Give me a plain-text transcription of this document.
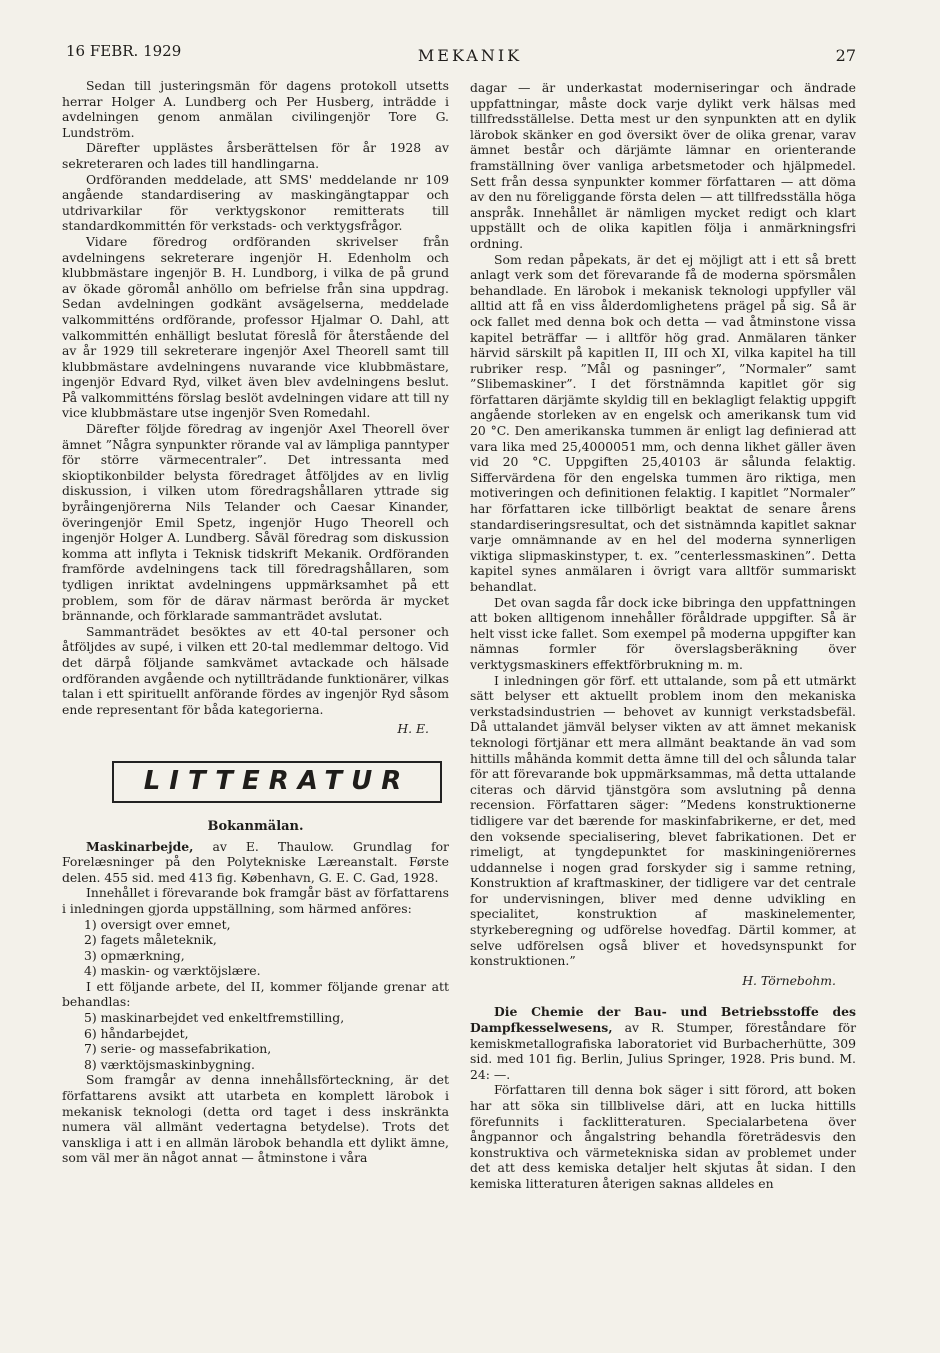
16 FEBR. 1929	MEKANIK	27

Sedan till justeringsmän för dagens protokoll utsetts herrar Holger A. Lundberg och Per Husberg, inträdde i avdelningen genom anmälan civilingenjör Tore G. Lundström.

Därefter upplästes årsberättelsen för år 1928 av sekreteraren och lades till handlingarna.

Ordföranden meddelade, att SMS' meddelande nr 109 angående standardisering av maskingängtappar och utdrivarkilar för verktygskonor remitterats till standardkommittén för verkstads- och verktygsfrågor.

Vidare föredrog ordföranden skrivelser från avdelningens sekreterare ingenjör H. Edenholm och klubbmästare ingenjör B. H. Lundborg, i vilka de på grund av ökade göromål anhöllo om befrielse från sina uppdrag. Sedan avdelningen godkänt avsägelserna, meddelade valkommitténs ordförande, professor Hjalmar O. Dahl, att valkommittén enhälligt beslutat föreslå för återstående del av år 1929 till sekreterare ingenjör Axel Theorell samt till klubbmästare avdelningens nuvarande vice klubbmästare, ingenjör Edvard Ryd, vilket även blev avdelningens beslut. På valkommitténs förslag beslöt avdelningen vidare att till ny vice klubbmästare utse ingenjör Sven Romedahl.

Därefter följde föredrag av ingenjör Axel Theorell över ämnet ”Några synpunkter rörande val av lämpliga panntyper för större värmecentraler”. Det intressanta med skioptikonbilder belysta föredraget åtföljdes av en livlig diskussion, i vilken utom föredragshållaren yttrade sig byråingenjörerna Nils Telander och Caesar Kinander, överingenjör Emil Spetz, ingenjör Hugo Theorell och ingenjör Holger A. Lundberg. Såväl föredrag som diskussion komma att inflyta i Teknisk tidskrift Mekanik. Ordföranden framförde avdelningens tack till föredragshållaren, som tydligen inriktat avdelningens uppmärksamhet på ett problem, som för de därav närmast berörda är mycket brännande, och förklarade sammanträdet avslutat.

Sammanträdet besöktes av ett 40-tal personer och åtföljdes av supé, i vilken ett 20-tal medlemmar deltogo. Vid det därpå följande samkvämet avtackade och hälsade ordföranden avgående och nytillträdande funktionärer, vilkas talan i ett spirituellt anförande fördes av ingenjör Ryd såsom ende representant för båda kategorierna.

H. E.
LITTERATUR
Bokanmälan.

Maskinarbejde, av E. Thaulow. Grundlag for Forelæsninger på den Polytekniske Læreanstalt. Første delen. 455 sid. med 413 fig. København, G. E. C. Gad, 1928.

Innehållet i förevarande bok framgår bäst av författarens i inledningen gjorda uppställning, som härmed anföres:

1) oversigt over emnet,
2) fagets måleteknik,
3) opmærkning,
4) maskin- og værktöjslære.

I ett följande arbete, del II, kommer följande grenar att behandlas:

5) maskinarbejdet ved enkeltfremstilling,
6) håndarbejdet,
7) serie- og massefabrikation,
8) værktöjsmaskinbygning.

Som framgår av denna innehållsförteckning, är det författarens avsikt att utarbeta en komplett lärobok i mekanisk teknologi (detta ord taget i dess inskränkta numera väl allmänt vedertagna betydelse). Trots det vanskliga i att i en allmän lärobok behandla ett dylikt ämne, som väl mer än något annat — åtminstone i våra

dagar — är underkastat moderniseringar och ändrade uppfattningar, måste dock varje dylikt verk hälsas med tillfredsställelse. Detta mest ur den synpunkten att en dylik lärobok skänker en god översikt över de olika grenar, varav ämnet består och därjämte lämnar en orienterande framställning över vanliga arbetsmetoder och hjälpmedel. Sett från dessa synpunkter kommer författaren — att döma av den nu föreliggande första delen — att tillfredsställa höga anspråk. Innehållet är nämligen mycket redigt och klart uppställt och de olika kapitlen följa i anmärkningsfri ordning.

Som redan påpekats, är det ej möjligt att i ett så brett anlagt verk som det förevarande få de moderna spörsmålen behandlade. En lärobok i mekanisk teknologi uppfyller väl alltid att få en viss ålderdomlighetens prägel på sig. Så är ock fallet med denna bok och detta — vad åtminstone vissa kapitel beträffar — i alltför hög grad. Anmälaren tänker härvid särskilt på kapitlen II, III och XI, vilka kapitel ha till rubriker resp. ”Mål og pasninger”, ”Normaler” samt ”Slibemaskiner”. I det förstnämnda kapitlet gör sig författaren därjämte skyldig till en beklagligt felaktig uppgift angående storleken av en engelsk och amerikansk tum vid 20 °C. Den amerikanska tummen är enligt lag definierad att vara lika med 25,4000051 mm, och denna likhet gäller även vid 20 °C. Uppgiften 25,40103 är sålunda felaktig. Siffervärdena för den engelska tummen äro riktiga, men motiveringen och definitionen felaktig. I kapitlet ”Normaler” har författaren icke tillbörligt beaktat de senare årens standardiseringsresultat, och det sistnämnda kapitlet saknar varje omnämnande av en hel del moderna synnerligen viktiga slipmaskinstyper, t. ex. ”centerlessmaskinen”. Detta kapitel synes anmälaren i övrigt vara alltför summariskt behandlat.

Det ovan sagda får dock icke bibringa den uppfattningen att boken alltigenom innehåller föråldrade uppgifter. Så är helt visst icke fallet. Som exempel på moderna uppgifter kan nämnas formler för överslagsberäkning över verktygsmaskiners effektförbrukning m. m.

I inledningen gör förf. ett uttalande, som på ett utmärkt sätt belyser ett aktuellt problem inom den mekaniska verkstadsindustrien — behovet av kunnigt verkstadsbefäl. Då uttalandet jämväl belyser vikten av att ämnet mekanisk teknologi förtjänar ett mera allmänt beaktande än vad som hittills måhända kommit detta ämne till del och sålunda talar för att förevarande bok uppmärksammas, må detta uttalande citeras och därvid tjänstgöra som avslutning på denna recension. Författaren säger: ”Medens konstruktionerne tidligere var det bærende for maskinfabrikerne, er det, med den voksende specialisering, blevet fabrikationen. Det er rimeligt, at tyngdepunktet for maskiningeniörernes uddannelse i nogen grad forskyder sig i samme retning, Konstruktion af kraftmaskiner, der tidligere var det centrale for undervisningen, bliver med denne udvikling en specialitet, konstruktion af maskinelementer, styrkeberegning og udförelse hovedfag. Därtil kommer, at selve udförelsen også bliver et hovedsynspunkt for konstruktionen.”

H. Törnebohm.

Die Chemie der Bau- und Betriebsstoffe des Dampfkesselwesens, av R. Stumper, föreståndare för kemiskmetallografiska laboratoriet vid Burbacherhütte, 309 sid. med 101 fig. Berlin, Julius Springer, 1928. Pris bund. M. 24: —.

Författaren till denna bok säger i sitt förord, att boken har att söka sin tillblivelse däri, att en lucka hittills förefunnits i facklitteraturen. Specialarbetena över ångpannor och ångalstring behandla företrädesvis den konstruktiva och värmetekniska sidan av problemet under det att dess kemiska detaljer helt skjutas åt sidan. I den kemiska litteraturen återigen saknas alldeles en
